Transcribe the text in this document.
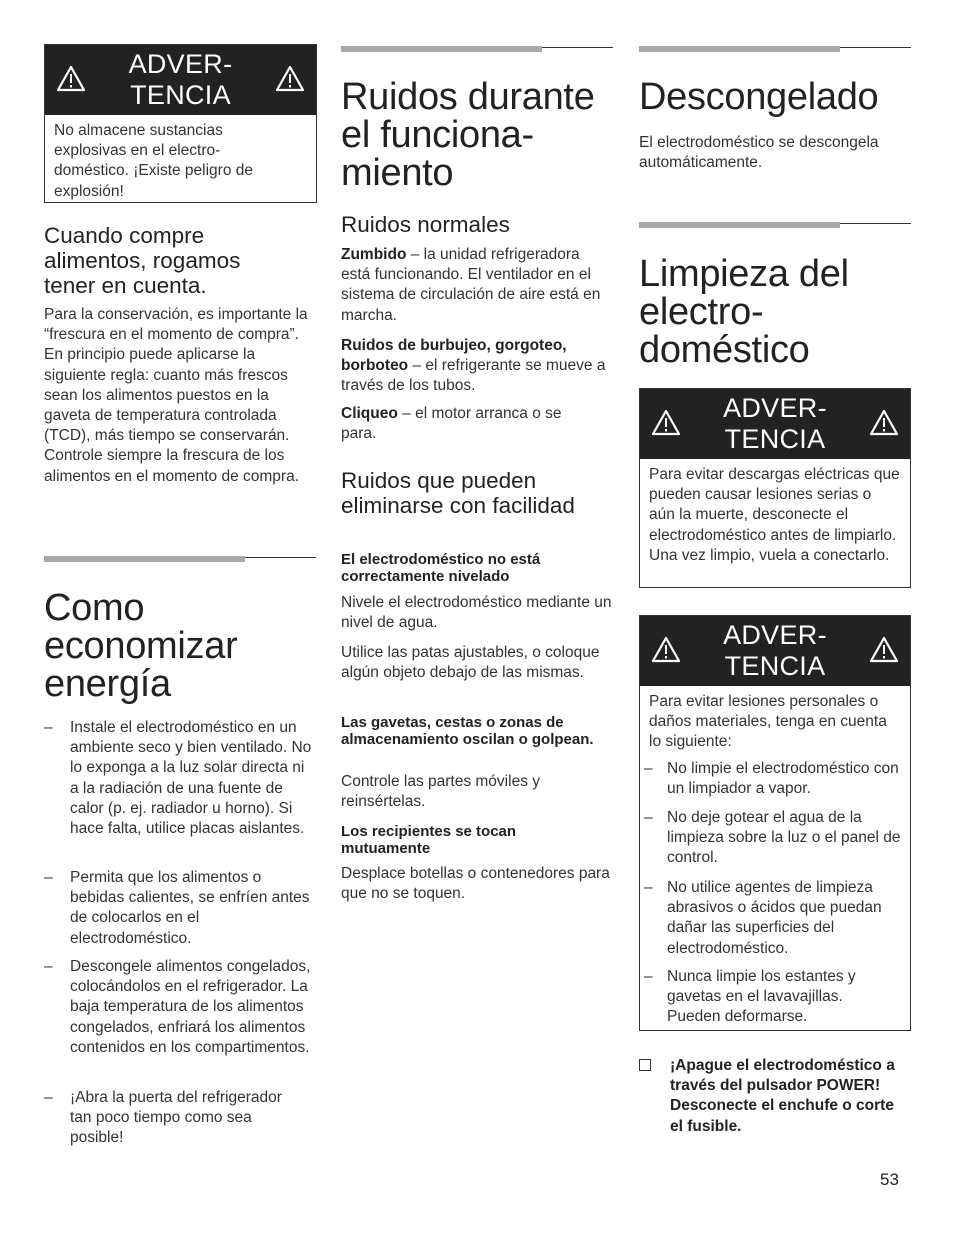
ADVER-
TENCIA
No almacene sustancias explosivas en el electro-doméstico. ¡Existe peligro de explosión!
Cuando compre alimentos, rogamos tener en cuenta.

Para la conservación, es importante la “frescura en el momento de compra”. En principio puede aplicarse la siguiente regla: cuanto más frescos sean los alimentos puestos en la gaveta de temperatura controlada (TCD), más tiempo se conservarán. Controle siempre la frescura de los alimentos en el momento de compra.

Como
economizar
energía
– Instale el electrodoméstico en un ambiente seco y bien ventilado. No lo exponga a la luz solar directa ni a la radiación de una fuente de calor (p. ej. radiador u horno). Si hace falta, utilice placas aislantes.
– Permita que los alimentos o bebidas calientes, se enfríen antes de colocarlos en el electrodoméstico.
– Descongele alimentos congelados, colocándolos en el refrigerador. La baja temperatura de los alimentos congelados, enfriará los alimentos contenidos en los compartimentos.
– ¡Abra la puerta del refrigerador tan poco tiempo como sea posible!
Ruidos durante
el funciona-
miento
Ruidos normales

Zumbido – la unidad refrigeradora está funcionando. El ventilador en el sistema de circulación de aire está en marcha.

Ruidos de burbujeo, gorgoteo, borboteo – el refrigerante se mueve a través de los tubos.

Cliqueo – el motor arranca o se para.

Ruidos que pueden eliminarse con facilidad

El electrodoméstico no está correctamente nivelado

Nivele el electrodoméstico mediante un nivel de agua.

Utilice las patas ajustables, o coloque algún objeto debajo de las mismas.

Las gavetas, cestas o zonas de almacenamiento oscilan o golpean.

Controle las partes móviles y reinsértelas.

Los recipientes se tocan mutuamente

Desplace botellas o contenedores para que no se toquen.

Descongelado

El electrodoméstico se descongela automáticamente.

Limpieza del
electro-
doméstico
ADVER-
TENCIA
Para evitar descargas eléctricas que pueden causar lesiones serias o aún la muerte, desconecte el electrodoméstico antes de limpiarlo. Una vez limpio, vuela a conectarlo.
ADVER-
TENCIA
Para evitar lesiones personales o daños materiales, tenga en cuenta lo siguiente:
– No limpie el electrodoméstico con un limpiador a vapor.
– No deje gotear el agua de la limpieza sobre la luz o el panel de control.
– No utilice agentes de limpieza abrasivos o ácidos que puedan dañar las superficies del electrodoméstico.
– Nunca limpie los estantes y gavetas en el lavavajillas. Pueden deformarse.
¡Apague el electrodoméstico a través del pulsador POWER! Desconecte el enchufe o corte el fusible.
53
